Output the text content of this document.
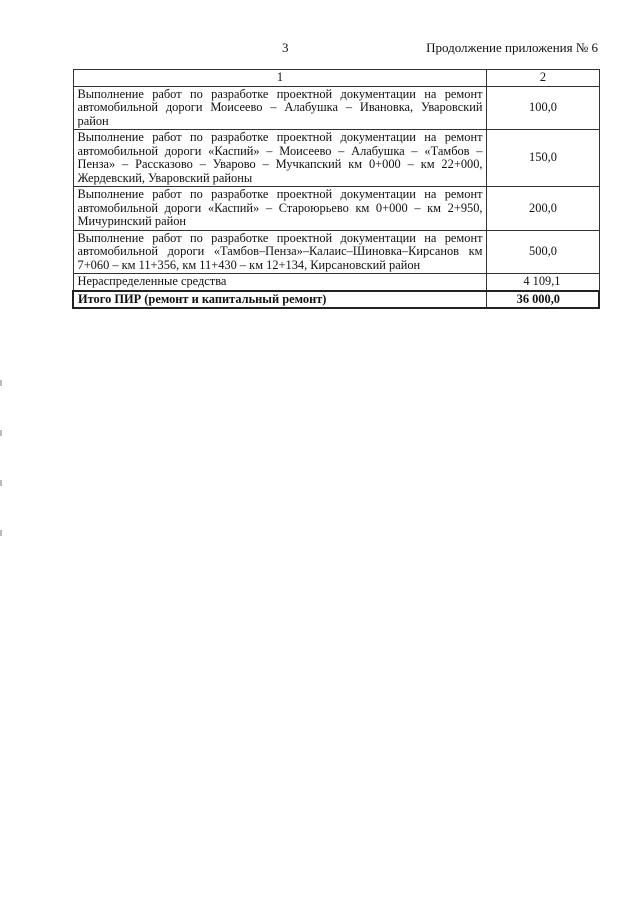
3	Продолжение приложения № 6
1	2
Выполнение работ по разработке проектной документации на ремонт автомобильной дороги Моисеево – Алабушка – Ивановка, Уваровский район	100,0
Выполнение работ по разработке проектной документации на ремонт автомобильной дороги «Каспий» – Моисеево – Алабушка – «Тамбов – Пенза» – Рассказово – Уварово – Мучкапский км 0+000 – км 22+000, Жердевский, Уваровский районы	150,0
Выполнение работ по разработке проектной документации на ремонт автомобильной дороги «Каспий» – Староюрьево км 0+000 – км 2+950, Мичуринский район	200,0
Выполнение работ по разработке проектной документации на ремонт автомобильной дороги «Тамбов–Пенза»–Калаис–Шиновка–Кирсанов км 7+060 – км 11+356, км 11+430 – км 12+134, Кирсановский район	500,0
Нераспределенные средства	4 109,1
Итого ПИР (ремонт и капитальный ремонт)	36 000,0
